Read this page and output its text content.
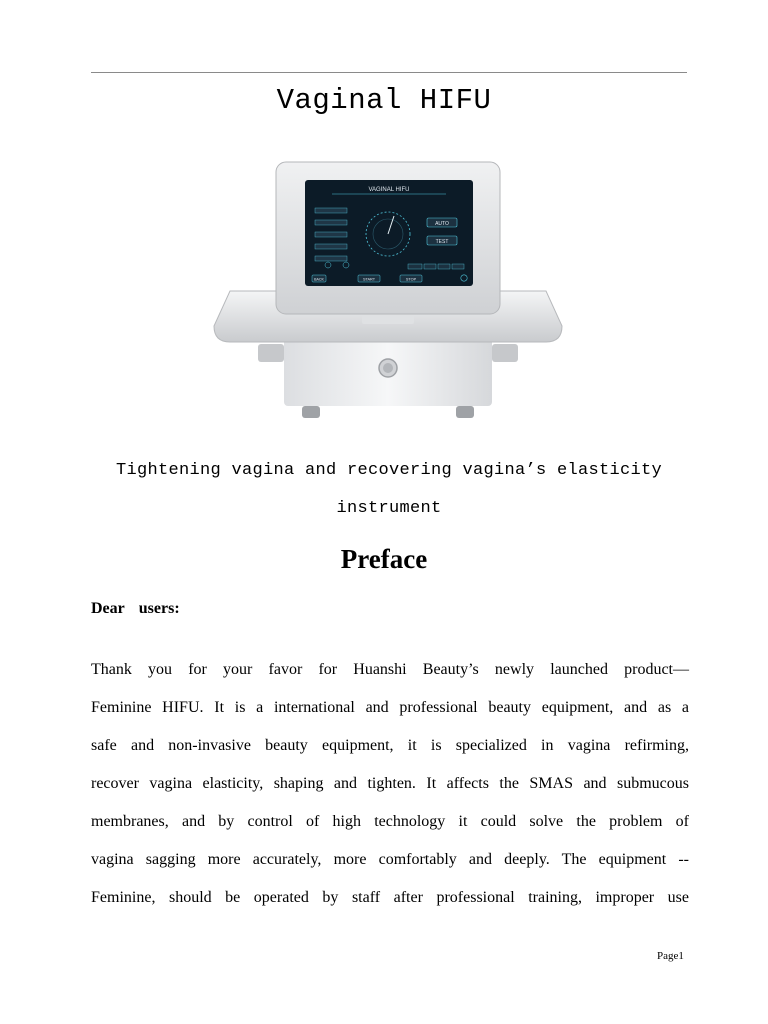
Vaginal HIFU
VAGINAL HIFU
AUTO
TEST
BACK	START	STOP
Tightening vagina and recovering vagina’s elasticity
instrument
Preface
Dear users:
Thank you for your favor for Huanshi Beauty’s newly launched product—
Feminine HIFU. It is a international and professional beauty equipment, and as a
safe and non-invasive beauty equipment, it is specialized in vagina refirming,
recover vagina elasticity, shaping and tighten. It affects the SMAS and submucous
membranes, and by control of high technology it could solve the problem of
vagina sagging more accurately, more comfortably and deeply. The equipment --
Feminine, should be operated by staff after professional training, improper use
Page1
